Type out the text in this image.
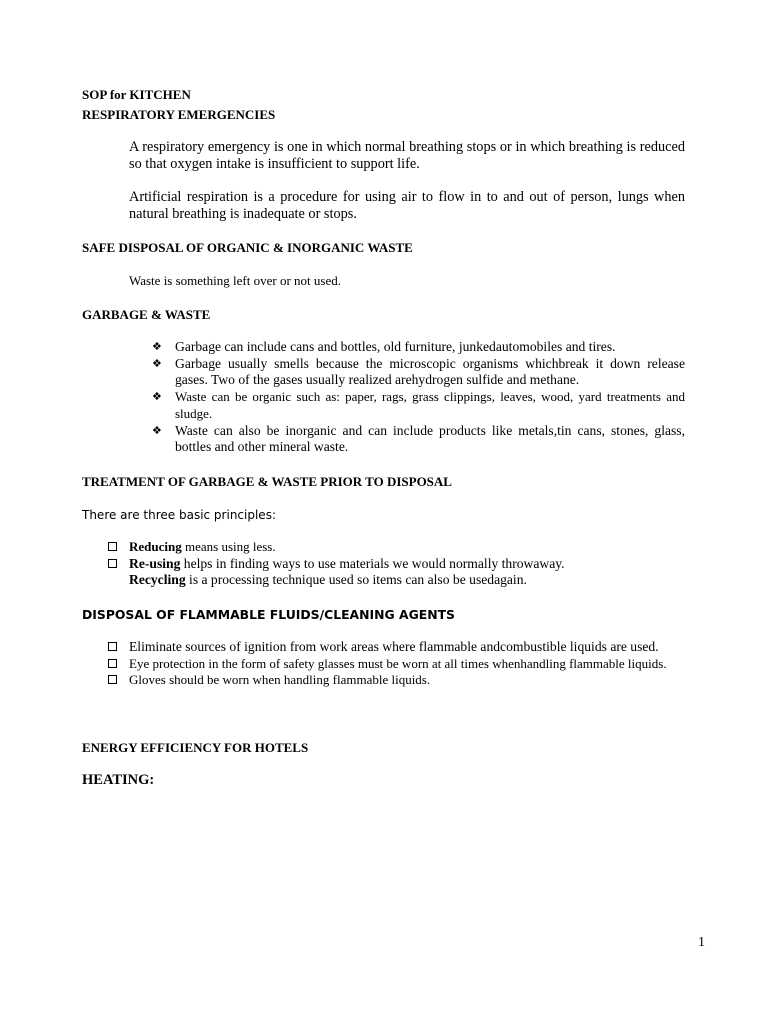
SOP for KITCHEN
RESPIRATORY EMERGENCIES
A respiratory emergency is one in which normal breathing stops or in which breathing is reduced so that oxygen intake is insufficient to support life.
Artificial respiration is a procedure for using air to flow in to and out of person, lungs when natural breathing is inadequate or stops.
SAFE DISPOSAL OF ORGANIC & INORGANIC WASTE
Waste is something left over or not used.
GARBAGE & WASTE
❖ Garbage can include cans and bottles, old furniture, junkedautomobiles and tires.
❖ Garbage usually smells because the microscopic organisms whichbreak it down release gases. Two of the gases usually realized arehydrogen sulfide and methane.
❖	Waste can be organic such as: paper, rags, grass clippings, leaves, wood, yard treatments and sludge.
❖ Waste can also be inorganic and can include products like metals,tin cans, stones, glass, bottles and other mineral waste.
TREATMENT OF GARBAGE & WASTE PRIOR TO DISPOSAL
There are three basic principles:
Reducing means using less.
Re-using helps in finding ways to use materials we would normally throwaway.
Recycling is a processing technique used so items can also be usedagain.
DISPOSAL OF FLAMMABLE FLUIDS/CLEANING AGENTS
Eliminate sources of ignition from work areas where flammable andcombustible liquids are used.
Eye protection in the form of safety glasses must be worn at all times whenhandling flammable liquids.
Gloves should be worn when handling flammable liquids.
ENERGY EFFICIENCY FOR HOTELS
HEATING:
1
